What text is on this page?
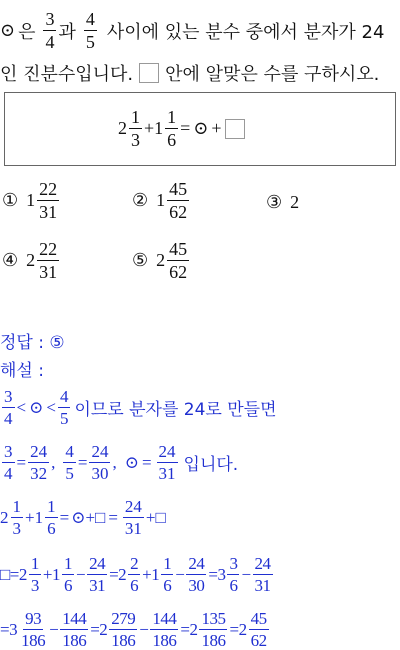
⊙ 은 $\frac{3}{4}$ 과 $\frac{4}{5}$ 사이에 있는 분수 중에서 분자가 24
인 진분수입니다. 안에 알맞은 수를 구하시오.
$2 \frac{1}{3} + 1 \frac{1}{6}$ = ⊙ +
① $1 \frac{22}{31}$	② $1 \frac{45}{62}$	③ 2
④ $2 \frac{22}{31}$	⑤ $2 \frac{45}{62}$
정답 : ⑤
해설 :
$\frac{3}{4}$ < ⊙ < $\frac{4}{5}$ 이므로 분자를 24로 만들면
$\frac{3}{4} = \frac{24}{32}$ , $\frac{4}{5} = \frac{24}{30}$ , ⊙ = $\frac{24}{31}$ 입니다.
$2 \frac{1}{3} + 1 \frac{1}{6}$ = ⊙ + □ = $\frac{24}{31}$ + □
□ = $2 \frac{1}{3} + 1 \frac{1}{6} - \frac{24}{31} = 2 \frac{2}{6} + 1 \frac{1}{6} - \frac{24}{30} = 3 \frac{3}{6} - \frac{24}{31}$
= $3 \frac{93}{186} - \frac{144}{186} = 2 \frac{279}{186} - \frac{144}{186} = 2 \frac{135}{186} = 2 \frac{45}{62}$
